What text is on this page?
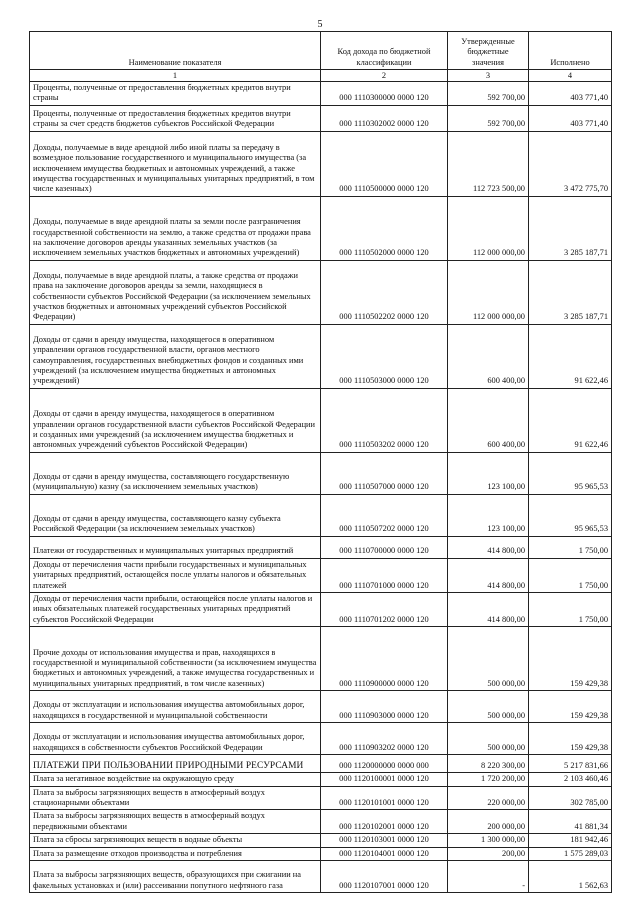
5
Наименование показателя	Код дохода по бюджетной классификации	Утвержденные бюджетные значения	Исполнено
1	2	3	4
Проценты, полученные от предоставления бюджетных кредитов внутри страны	000 1110300000 0000 120	592 700,00	403 771,40
Проценты, полученные от предоставления бюджетных кредитов внутри страны за счет средств бюджетов субъектов Российской Федерации	000 1110302002 0000 120	592 700,00	403 771,40
Доходы, получаемые в виде арендной либо иной платы за передачу в возмездное пользование государственного и муниципального имущества (за исключением имущества бюджетных и автономных учреждений, а также имущества государственных и муниципальных унитарных предприятий, в том числе казенных)	000 1110500000 0000 120	112 723 500,00	3 472 775,70
Доходы, получаемые в виде арендной платы за земли после разграничения государственной собственности на землю, а также средства от продажи права на заключение договоров аренды указанных земельных участков (за исключением земельных участков бюджетных и автономных учреждений)	000 1110502000 0000 120	112 000 000,00	3 285 187,71
Доходы, получаемые в виде арендной платы, а также средства от продажи права на заключение договоров аренды за земли, находящиеся в собственности субъектов Российской Федерации (за исключением земельных участков бюджетных и автономных учреждений субъектов Российской Федерации)	000 1110502202 0000 120	112 000 000,00	3 285 187,71
Доходы от сдачи в аренду имущества, находящегося в оперативном управлении органов государственной власти, органов местного самоуправления, государственных внебюджетных фондов и созданных ими учреждений (за исключением имущества бюджетных и автономных учреждений)	000 1110503000 0000 120	600 400,00	91 622,46
Доходы от сдачи в аренду имущества, находящегося в оперативном управлении органов государственной власти субъектов Российской Федерации и созданных ими учреждений (за исключением имущества бюджетных и автономных учреждений субъектов Российской Федерации)	000 1110503202 0000 120	600 400,00	91 622,46
Доходы от сдачи в аренду имущества, составляющего государственную (муниципальную) казну (за исключением земельных участков)	000 1110507000 0000 120	123 100,00	95 965,53
Доходы от сдачи в аренду имущества, составляющего казну субъекта Российской Федерации (за исключением земельных участков)	000 1110507202 0000 120	123 100,00	95 965,53
Платежи от государственных и муниципальных унитарных предприятий	000 1110700000 0000 120	414 800,00	1 750,00
Доходы от перечисления части прибыли государственных и муниципальных унитарных предприятий, остающейся после уплаты налогов и обязательных платежей	000 1110701000 0000 120	414 800,00	1 750,00
Доходы от перечисления части прибыли, остающейся после уплаты налогов и иных обязательных платежей государственных унитарных предприятий субъектов Российской Федерации	000 1110701202 0000 120	414 800,00	1 750,00
Прочие доходы от использования имущества и прав, находящихся в государственной и муниципальной собственности (за исключением имущества бюджетных и автономных учреждений, а также имущества государственных и муниципальных унитарных предприятий, в том числе казенных)	000 1110900000 0000 120	500 000,00	159 429,38
Доходы от эксплуатации и использования имущества автомобильных дорог, находящихся в государственной и муниципальной собственности	000 1110903000 0000 120	500 000,00	159 429,38
Доходы от эксплуатации и использования имущества автомобильных дорог, находящихся в собственности субъектов Российской Федерации	000 1110903202 0000 120	500 000,00	159 429,38
ПЛАТЕЖИ ПРИ ПОЛЬЗОВАНИИ ПРИРОДНЫМИ РЕСУРСАМИ	000 1120000000 0000 000	8 220 300,00	5 217 831,66
Плата за негативное воздействие на окружающую среду	000 1120100001 0000 120	1 720 200,00	2 103 460,46
Плата за выбросы загрязняющих веществ в атмосферный воздух стационарными объектами	000 1120101001 0000 120	220 000,00	302 785,00
Плата за выбросы загрязняющих веществ в атмосферный воздух передвижными объектами	000 1120102001 0000 120	200 000,00	41 881,34
Плата за сбросы загрязняющих веществ в водные объекты	000 1120103001 0000 120	1 300 000,00	181 942,46
Плата за размещение отходов производства и потребления	000 1120104001 0000 120	200,00	1 575 289,03
Плата за выбросы загрязняющих веществ, образующихся при сжигании на факельных установках и (или) рассеивании попутного нефтяного газа	000 1120107001 0000 120	-	1 562,63
